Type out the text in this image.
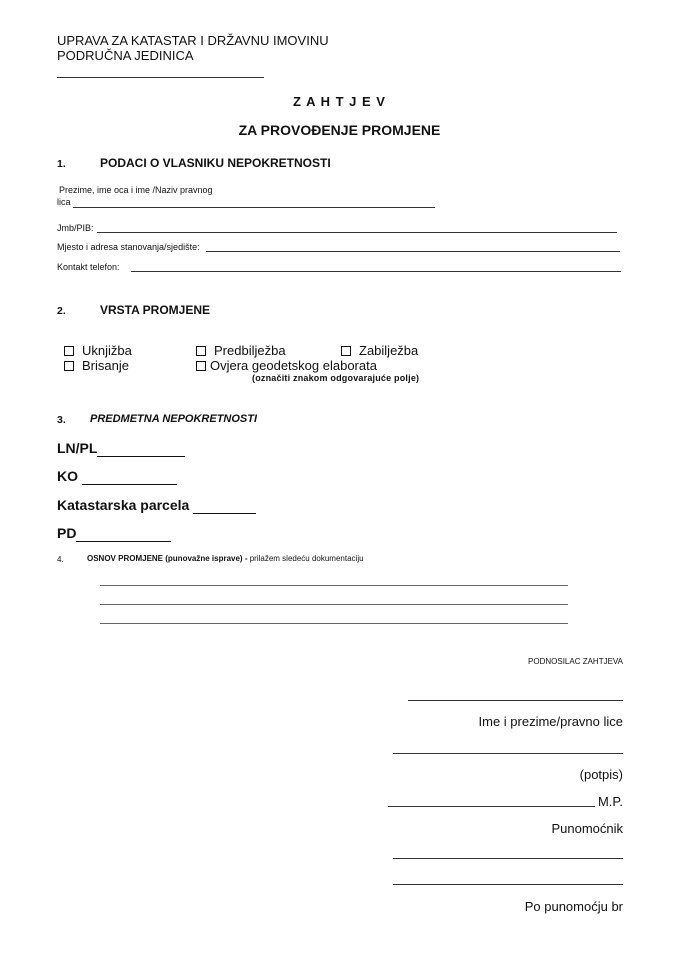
UPRAVA ZA KATASTAR I DRŽAVNU IMOVINU
PODRUČNA JEDINICA
Z A H T J E V
ZA PROVOĐENJE PROMJENE
1.	PODACI O VLASNIKU NEPOKRETNOSTI
Prezime, ime oca i ime /Naziv pravnog
lica
Jmb/PIB:
Mjesto i adresa stanovanja/sjedište:
Kontakt telefon:
2.	VRSTA PROMJENE
Uknjižba	Predbilježba	Zabilježba
Brisanje	Ovjera geodetskog elaborata
(označiti znakom odgovarajuće polje)
3. PREDMETNA NEPOKRETNOSTI
LN/PL
KO
Katastarska parcela
PD
4.	OSNOV PROMJENE (punovažne isprave) - prilažem sledeću dokumentaciju
PODNOSILAC ZAHTJEVA
Ime i prezime/pravno lice
(potpis)
M.P.
Punomoćnik
Po punomoćju br
